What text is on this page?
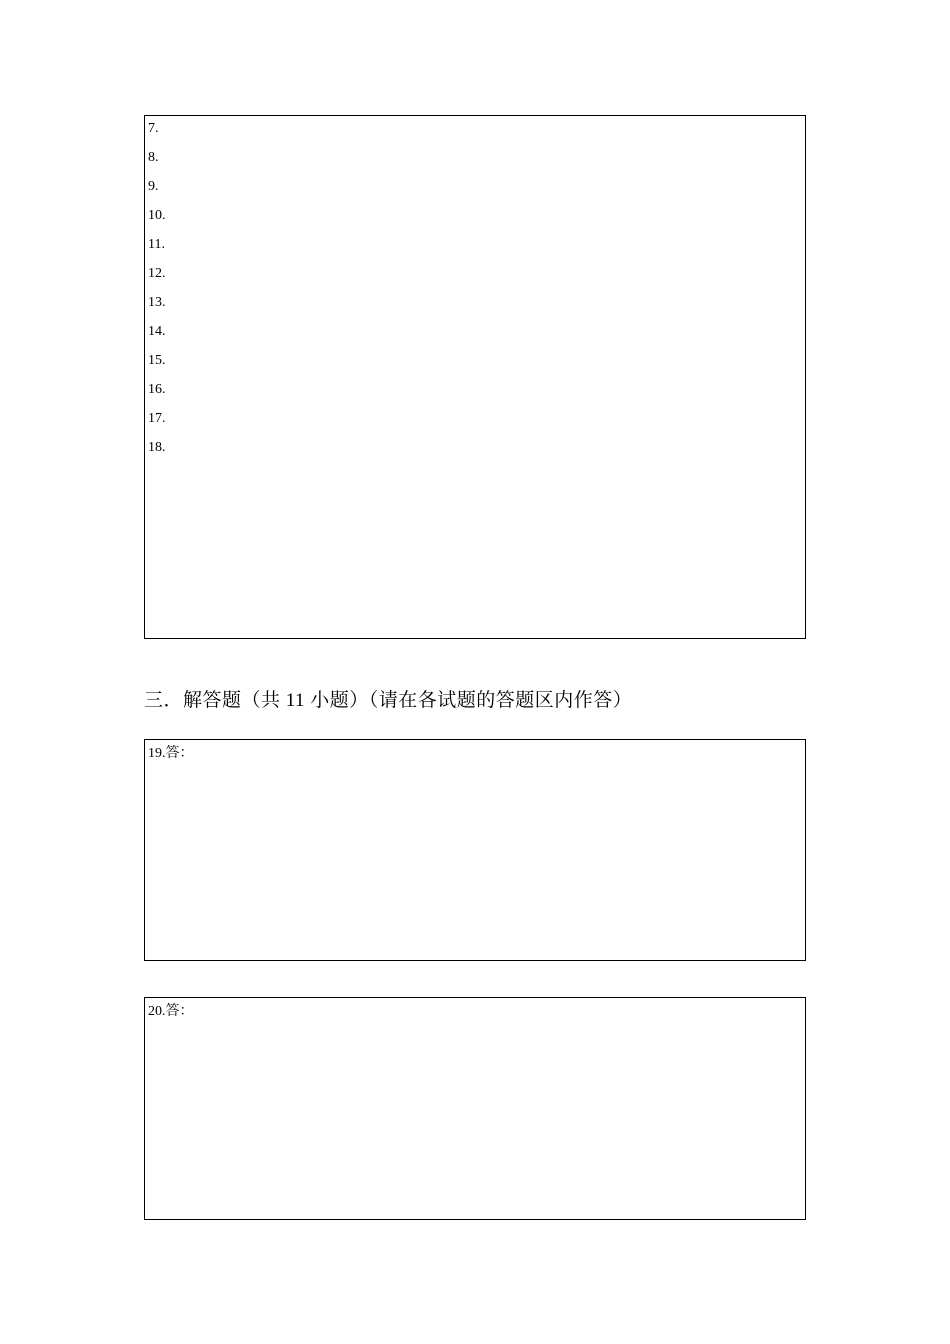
7.
8.
9.
10.
11.
12.
13.
14.
15.
16.
17.
18.
三．解答题（共 11 小题）（请在各试题的答题区内作答）
19.答：
20.答：
